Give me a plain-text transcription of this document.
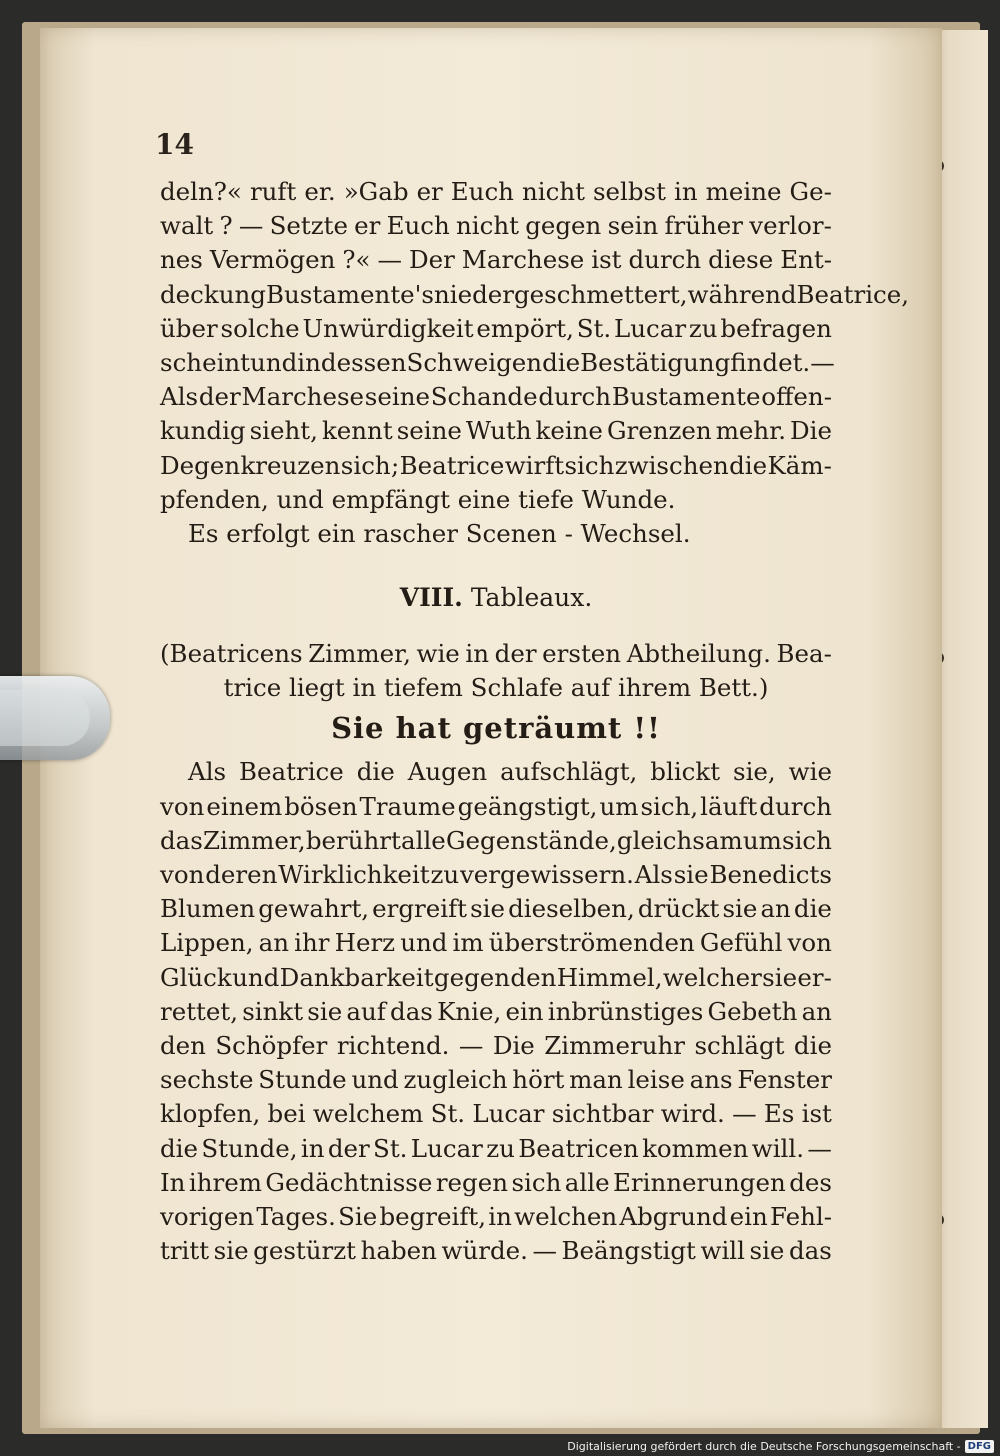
14
deln?« ruft er. »Gab er Euch nicht selbst in meine Ge-
walt ? — Setzte er Euch nicht gegen sein früher verlor-
nes Vermögen ?« — Der Marchese ist durch diese Ent-
deckung Bustamente's niedergeschmettert, während Beatrice,
über solche Unwürdigkeit empört, St. Lucar zu befragen
scheint und in dessen Schweigen die Bestätigung findet. —
Als der Marchese seine Schande durch Bustamente offen-
kundig sieht, kennt seine Wuth keine Grenzen mehr. Die
Degen kreuzen sich ; Beatrice wirft sich zwischen die Käm-
pfenden, und empfängt eine tiefe Wunde.
Es erfolgt ein rascher Scenen - Wechsel.
VIII. Tableaux.
(Beatricens Zimmer, wie in der ersten Abtheilung. Bea-
trice liegt in tiefem Schlafe auf ihrem Bett.)
Sie hat geträumt !!
Als Beatrice die Augen aufschlägt, blickt sie, wie
von einem bösen Traume geängstigt, um sich, läuft durch
das Zimmer, berührt alle Gegenstände, gleichsam um sich
von deren Wirklichkeit zu vergewissern. Als sie Benedicts
Blumen gewahrt, ergreift sie dieselben, drückt sie an die
Lippen, an ihr Herz und im überströmenden Gefühl von
Glück und Dankbarkeit gegen den Himmel, welcher sie er-
rettet, sinkt sie auf das Knie, ein inbrünstiges Gebeth an
den Schöpfer richtend. — Die Zimmeruhr schlägt die
sechste Stunde und zugleich hört man leise ans Fenster
klopfen, bei welchem St. Lucar sichtbar wird. — Es ist
die Stunde, in der St. Lucar zu Beatricen kommen will. —
In ihrem Gedächtnisse regen sich alle Erinnerungen des
vorigen Tages. Sie begreift, in welchen Abgrund ein Fehl-
tritt sie gestürzt haben würde. — Beängstigt will sie das
Digitalisierung gefördert durch die Deutsche Forschungsgemeinschaft - DFG
